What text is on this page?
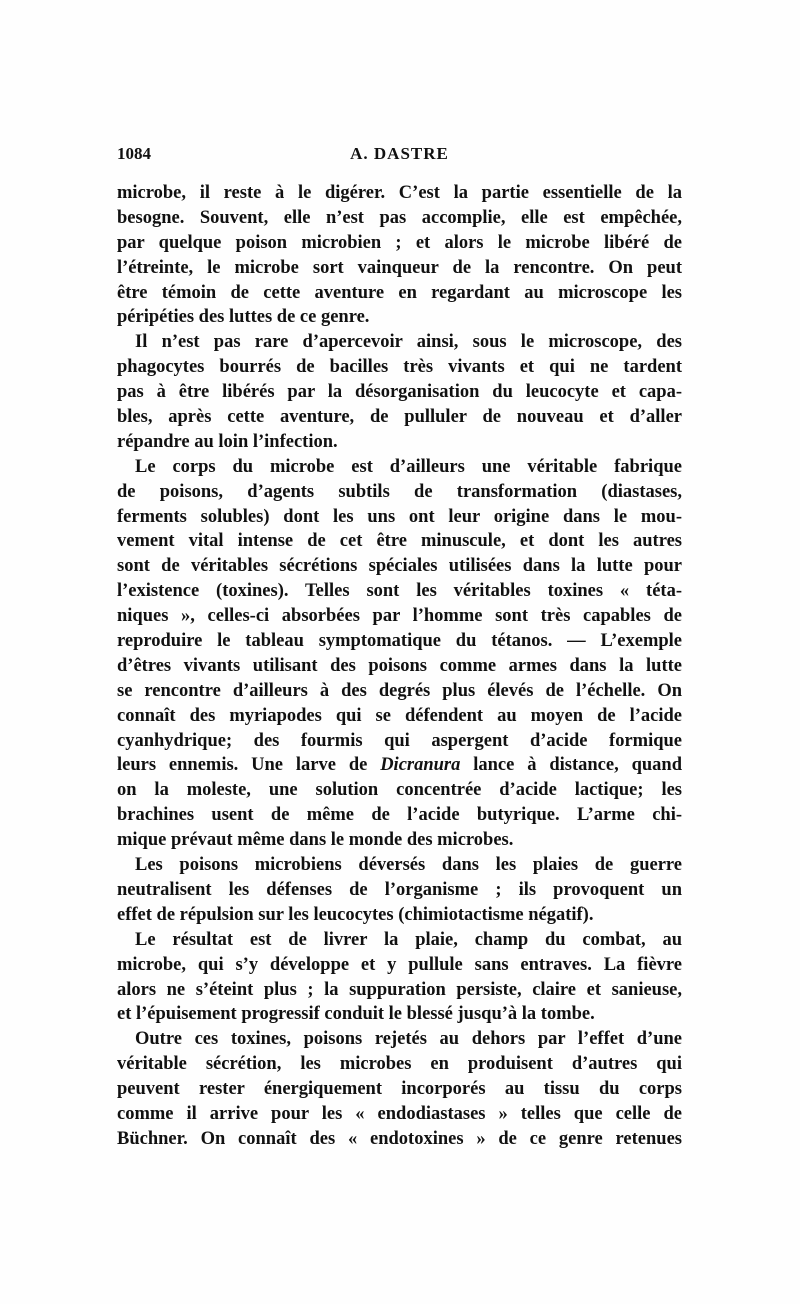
1084	A. DASTRE
microbe, il reste à le digérer. C’est la partie essentielle de la
besogne. Souvent, elle n’est pas accomplie, elle est empêchée,
par quelque poison microbien ; et alors le microbe libéré de
l’étreinte, le microbe sort vainqueur de la rencontre. On peut
être témoin de cette aventure en regardant au microscope les
péripéties des luttes de ce genre.
Il n’est pas rare d’apercevoir ainsi, sous le microscope, des
phagocytes bourrés de bacilles très vivants et qui ne tardent
pas à être libérés par la désorganisation du leucocyte et capa-
bles, après cette aventure, de pulluler de nouveau et d’aller
répandre au loin l’infection.
Le corps du microbe est d’ailleurs une véritable fabrique
de poisons, d’agents subtils de transformation (diastases,
ferments solubles) dont les uns ont leur origine dans le mou-
vement vital intense de cet être minuscule, et dont les autres
sont de véritables sécrétions spéciales utilisées dans la lutte pour
l’existence (toxines). Telles sont les véritables toxines « téta-
niques », celles-ci absorbées par l’homme sont très capables de
reproduire le tableau symptomatique du tétanos. — L’exemple
d’êtres vivants utilisant des poisons comme armes dans la lutte
se rencontre d’ailleurs à des degrés plus élevés de l’échelle. On
connaît des myriapodes qui se défendent au moyen de l’acide
cyanhydrique; des fourmis qui aspergent d’acide formique
leurs ennemis. Une larve de Dicranura lance à distance, quand
on la moleste, une solution concentrée d’acide lactique; les
brachines usent de même de l’acide butyrique. L’arme chi-
mique prévaut même dans le monde des microbes.
Les poisons microbiens déversés dans les plaies de guerre
neutralisent les défenses de l’organisme ; ils provoquent un
effet de répulsion sur les leucocytes (chimiotactisme négatif).
Le résultat est de livrer la plaie, champ du combat, au
microbe, qui s’y développe et y pullule sans entraves. La fièvre
alors ne s’éteint plus ; la suppuration persiste, claire et sanieuse,
et l’épuisement progressif conduit le blessé jusqu’à la tombe.
Outre ces toxines, poisons rejetés au dehors par l’effet d’une
véritable sécrétion, les microbes en produisent d’autres qui
peuvent rester énergiquement incorporés au tissu du corps
comme il arrive pour les « endodiastases » telles que celle de
Büchner. On connaît des « endotoxines » de ce genre retenues
